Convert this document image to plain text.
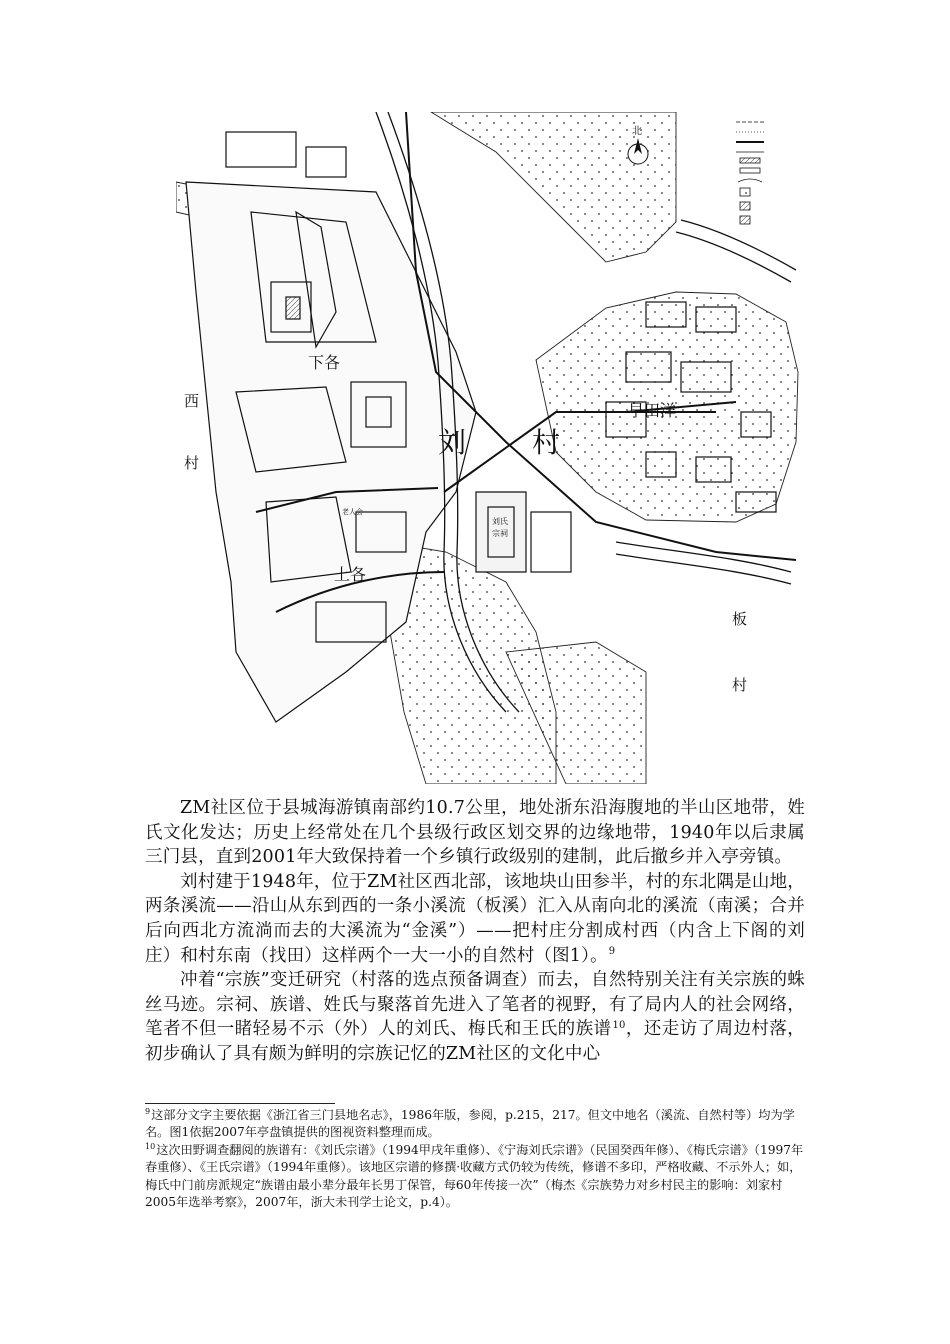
北
下各
上各
刘 村
早田洋
西
村
板
村
老人会
刘氏
宗祠

ZM社区位于县城海游镇南部约10.7公里，地处浙东沿海腹地的半山区地带，姓氏文化发达；历史上经常处在几个县级行政区划交界的边缘地带，1940年以后隶属三门县，直到2001年大致保持着一个乡镇行政级别的建制，此后撤乡并入亭旁镇。

刘村建于1948年，位于ZM社区西北部，该地块山田参半，村的东北隅是山地，两条溪流——沿山从东到西的一条小溪流（板溪）汇入从南向北的溪流（南溪；合并后向西北方流淌而去的大溪流为“金溪”）——把村庄分割成村西（内含上下阁的刘庄）和村东南（找田）这样两个一大一小的自然村（图1）。$^9$

冲着“宗族”变迁研究（村落的选点预备调查）而去，自然特别关注有关宗族的蛛丝马迹。宗祠、族谱、姓氏与聚落首先进入了笔者的视野，有了局内人的社会网络，笔者不但一睹轻易不示（外）人的刘氏、梅氏和王氏的族谱$^{10}$，还走访了周边村落，初步确认了具有颇为鲜明的宗族记忆的ZM社区的文化中心

$^9$这部分文字主要依据《浙江省三门县地名志》，1986年版，参阅，p.215，217。但文中地名（溪流、自然村等）均为学名。图1依据2007年亭盘镇提供的图视资料整理而成。

$^{10}$这次田野调查翻阅的族谱有：《刘氏宗谱》（1994甲戌年重修）、《宁海刘氏宗谱》（民国癸西年修）、《梅氏宗谱》（1997年春重修）、《王氏宗谱》（1994年重修）。该地区宗谱的修撰·收藏方式仍较为传统，修谱不多印，严格收藏、不示外人；如，梅氏中门前房派规定“族谱由最小辈分最年长男丁保管，每60年传接一次”（梅杰《宗族势力对乡村民主的影响：刘家村2005年选举考察》，2007年，浙大未刊学士论文，p.4）。
